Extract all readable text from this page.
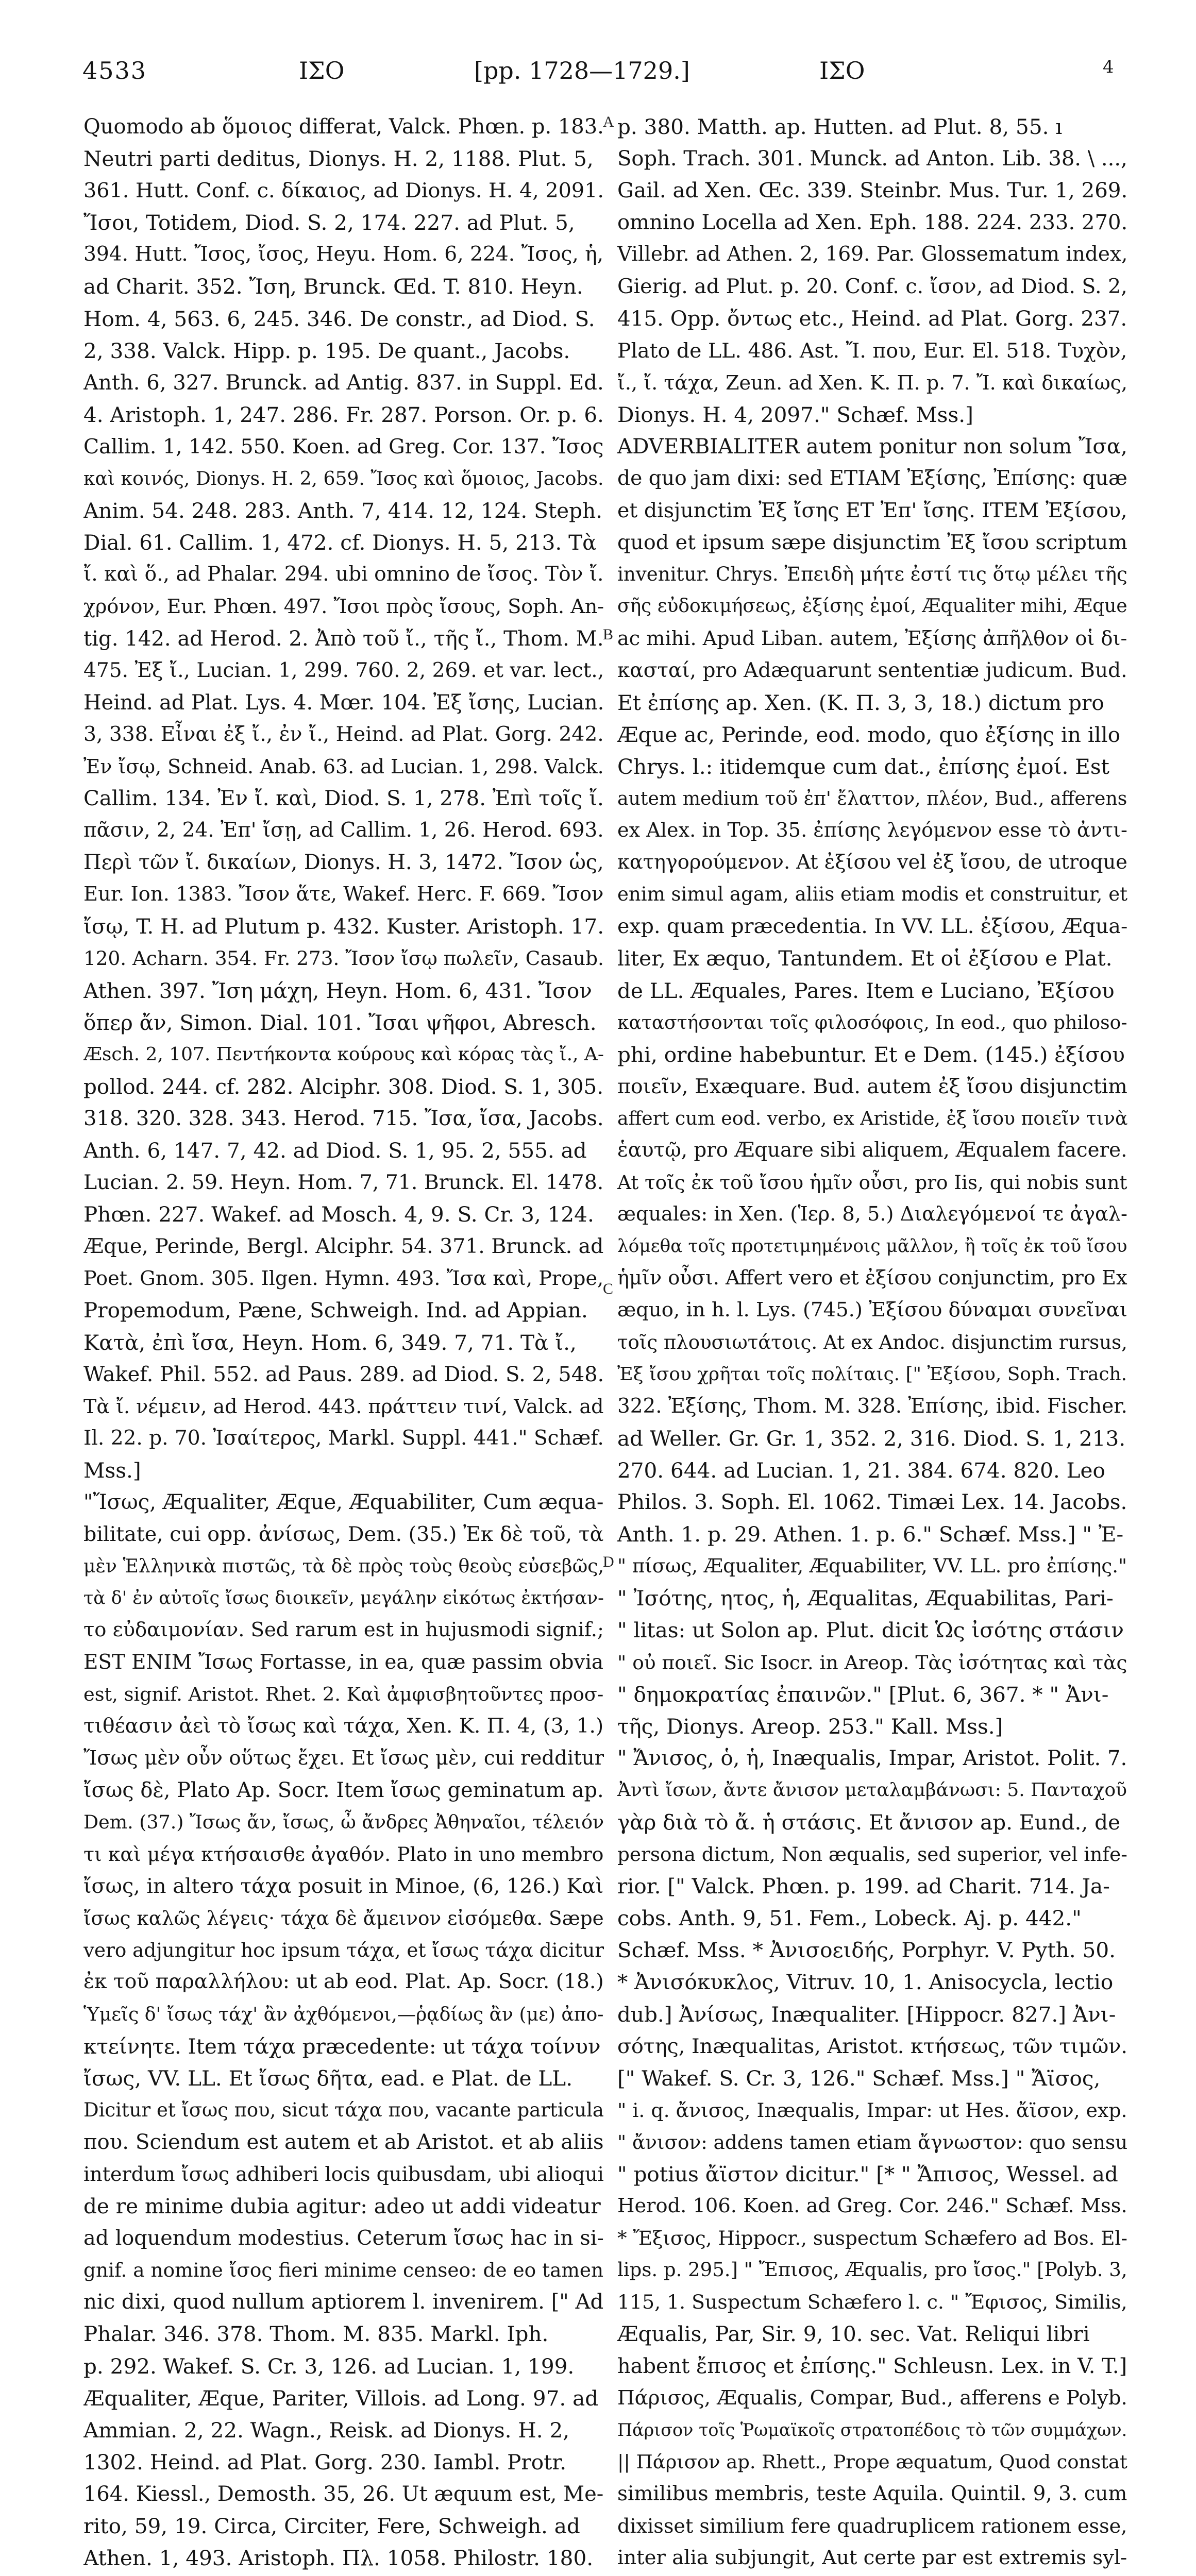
4533	ΙΣΟ	[pp. 1728—1729.]	ΙΣΟ	4
A
B
C
D
Quomodo ab ὅμοιος differat, Valck. Phœn. p. 183.
Neutri parti deditus, Dionys. H. 2, 1188. Plut. 5,
361. Hutt. Conf. c. δίκαιος, ad Dionys. H. 4, 2091.
Ἴσοι, Totidem, Diod. S. 2, 174. 227. ad Plut. 5,
394. Hutt. Ἴσος, ἴσος, Heyu. Hom. 6, 224. Ἴσος, ἡ,
ad Charit. 352. Ἴση, Brunck. Œd. T. 810. Heyn.
Hom. 4, 563. 6, 245. 346. De constr., ad Diod. S.
2, 338. Valck. Hipp. p. 195. De quant., Jacobs.
Anth. 6, 327. Brunck. ad Antig. 837. in Suppl. Ed.
4. Aristoph. 1, 247. 286. Fr. 287. Porson. Or. p. 6.
Callim. 1, 142. 550. Koen. ad Greg. Cor. 137. Ἴσος
καὶ κοινός, Dionys. H. 2, 659. Ἴσος καὶ ὅμοιος, Jacobs.
Anim. 54. 248. 283. Anth. 7, 414. 12, 124. Steph.
Dial. 61. Callim. 1, 472. cf. Dionys. H. 5, 213. Τὰ
ἴ. καὶ ὅ., ad Phalar. 294. ubi omnino de ἴσος. Τὸν ἴ.
χρόνον, Eur. Phœn. 497. Ἴσοι πρὸς ἴσους, Soph. An-
tig. 142. ad Herod. 2. Ἀπὸ τοῦ ἴ., τῆς ἴ., Thom. M.
475. Ἐξ ἴ., Lucian. 1, 299. 760. 2, 269. et var. lect.,
Heind. ad Plat. Lys. 4. Mœr. 104. Ἐξ ἴσης, Lucian.
3, 338. Εἶναι ἐξ ἴ., ἐν ἴ., Heind. ad Plat. Gorg. 242.
Ἐν ἴσῳ, Schneid. Anab. 63. ad Lucian. 1, 298. Valck.
Callim. 134. Ἐν ἴ. καὶ, Diod. S. 1, 278. Ἐπὶ τοῖς ἴ.
πᾶσιν, 2, 24. Ἐπ' ἴσῃ, ad Callim. 1, 26. Herod. 693.
Περὶ τῶν ἴ. δικαίων, Dionys. H. 3, 1472. Ἴσον ὡς,
Eur. Ion. 1383. Ἴσον ἅτε, Wakef. Herc. F. 669. Ἴσον
ἴσῳ, T. H. ad Plutum p. 432. Kuster. Aristoph. 17.
120. Acharn. 354. Fr. 273. Ἴσον ἴσῳ πωλεῖν, Casaub.
Athen. 397. Ἴση μάχη, Heyn. Hom. 6, 431. Ἴσον
ὅπερ ἄν, Simon. Dial. 101. Ἴσαι ψῆφοι, Abresch.
Æsch. 2, 107. Πεντήκοντα κούρους καὶ κόρας τὰς ἴ., A-
pollod. 244. cf. 282. Alciphr. 308. Diod. S. 1, 305.
318. 320. 328. 343. Herod. 715. Ἴσα, ἴσα, Jacobs.
Anth. 6, 147. 7, 42. ad Diod. S. 1, 95. 2, 555. ad
Lucian. 2. 59. Heyn. Hom. 7, 71. Brunck. El. 1478.
Phœn. 227. Wakef. ad Mosch. 4, 9. S. Cr. 3, 124.
Æque, Perinde, Bergl. Alciphr. 54. 371. Brunck. ad
Poet. Gnom. 305. Ilgen. Hymn. 493. Ἴσα καὶ, Prope,
Propemodum, Pæne, Schweigh. Ind. ad Appian.
Κατὰ, ἐπὶ ἴσα, Heyn. Hom. 6, 349. 7, 71. Τὰ ἴ.,
Wakef. Phil. 552. ad Paus. 289. ad Diod. S. 2, 548.
Τὰ ἴ. νέμειν, ad Herod. 443. πράττειν τινί, Valck. ad
Il. 22. p. 70. Ἰσαίτερος, Markl. Suppl. 441." Schæf.
Mss.]
"Ἴσως, Æqualiter, Æque, Æquabiliter, Cum æqua-
bilitate, cui opp. ἀνίσως, Dem. (35.) Ἐκ δὲ τοῦ, τὰ
μὲν Ἑλληνικὰ πιστῶς, τὰ δὲ πρὸς τοὺς θεοὺς εὐσεβῶς,
τὰ δ' ἐν αὐτοῖς ἴσως διοικεῖν, μεγάλην εἰκότως ἐκτήσαν-
το εὐδαιμονίαν. Sed rarum est in hujusmodi signif.;
EST ENIM Ἴσως Fortasse, in ea, quæ passim obvia
est, signif. Aristot. Rhet. 2. Καὶ ἀμφισβητοῦντες προσ-
τιθέασιν ἀεὶ τὸ ἴσως καὶ τάχα, Xen. K. Π. 4, (3, 1.)
Ἴσως μὲν οὖν οὕτως ἔχει. Et ἴσως μὲν, cui redditur
ἴσως δὲ, Plato Ap. Socr. Item ἴσως geminatum ap.
Dem. (37.) Ἴσως ἄν, ἴσως, ὦ ἄνδρες Ἀθηναῖοι, τέλειόν
τι καὶ μέγα κτήσαισθε ἀγαθόν. Plato in uno membro
ἴσως, in altero τάχα posuit in Minoe, (6, 126.) Καὶ
ἴσως καλῶς λέγεις· τάχα δὲ ἄμεινον εἰσόμεθα. Sæpe
vero adjungitur hoc ipsum τάχα, et ἴσως τάχα dicitur
ἐκ τοῦ παραλλήλου: ut ab eod. Plat. Ap. Socr. (18.)
Ὑμεῖς δ' ἴσως τάχ' ἂν ἀχθόμενοι,—ῥᾳδίως ἂν (με) ἀπο-
κτείνητε. Item τάχα præcedente: ut τάχα τοίνυν
ἴσως, VV. LL. Et ἴσως δῆτα, ead. e Plat. de LL.
Dicitur et ἴσως που, sicut τάχα που, vacante particula
που. Sciendum est autem et ab Aristot. et ab aliis
interdum ἴσως adhiberi locis quibusdam, ubi alioqui
de re minime dubia agitur: adeo ut addi videatur
ad loquendum modestius. Ceterum ἴσως hac in si-
gnif. a nomine ἴσος fieri minime censeo: de eo tamen
nic dixi, quod nullum aptiorem l. invenirem. [" Ad
Phalar. 346. 378. Thom. M. 835. Markl. Iph.
p. 292. Wakef. S. Cr. 3, 126. ad Lucian. 1, 199.
Æqualiter, Æque, Pariter, Villois. ad Long. 97. ad
Ammian. 2, 22. Wagn., Reisk. ad Dionys. H. 2,
1302. Heind. ad Plat. Gorg. 230. Iambl. Protr.
164. Kiessl., Demosth. 35, 26. Ut æquum est, Me-
rito, 59, 19. Circa, Circiter, Fere, Schweigh. ad
Athen. 1, 493. Aristoph. Πλ. 1058. Philostr. 180.
p. 380. Matth. ap. Hutten. ad Plut. 8, 55. ı
Soph. Trach. 301. Munck. ad Anton. Lib. 38. \ ...,
Gail. ad Xen. Œc. 339. Steinbr. Mus. Tur. 1, 269.
omnino Locella ad Xen. Eph. 188. 224. 233. 270.
Villebr. ad Athen. 2, 169. Par. Glossematum index,
Gierig. ad Plut. p. 20. Conf. c. ἴσον, ad Diod. S. 2,
415. Opp. ὄντως etc., Heind. ad Plat. Gorg. 237.
Plato de LL. 486. Ast. Ἴ. που, Eur. El. 518. Τυχὸν,
ἴ., ἴ. τάχα, Zeun. ad Xen. K. Π. p. 7. Ἴ. καὶ δικαίως,
Dionys. H. 4, 2097." Schæf. Mss.]
ADVERBIALITER autem ponitur non solum Ἴσα,
de quo jam dixi: sed ETIAM Ἐξίσης, Ἐπίσης: quæ
et disjunctim Ἐξ ἴσης ET Ἐπ' ἴσης. ITEM Ἐξίσου,
quod et ipsum sæpe disjunctim Ἐξ ἴσου scriptum
invenitur. Chrys. Ἐπειδὴ μήτε ἐστί τις ὅτῳ μέλει τῆς
σῆς εὐδοκιμήσεως, ἐξίσης ἐμοί, Æqualiter mihi, Æque
ac mihi. Apud Liban. autem, Ἐξίσης ἀπῆλθον οἱ δι-
κασταί, pro Adæquarunt sententiæ judicum. Bud.
Et ἐπίσης ap. Xen. (K. Π. 3, 3, 18.) dictum pro
Æque ac, Perinde, eod. modo, quo ἐξίσης in illo
Chrys. l.: itidemque cum dat., ἐπίσης ἐμοί. Est
autem medium τοῦ ἐπ' ἔλαττον, πλέον, Bud., afferens
ex Alex. in Top. 35. ἐπίσης λεγόμενον esse τὸ ἀντι-
κατηγορούμενον. At ἐξίσου vel ἐξ ἴσου, de utroque
enim simul agam, aliis etiam modis et construitur, et
exp. quam præcedentia. In VV. LL. ἐξίσου, Æqua-
liter, Ex æquo, Tantundem. Et οἱ ἐξίσου e Plat.
de LL. Æquales, Pares. Item e Luciano, Ἐξίσου
καταστήσονται τοῖς φιλοσόφοις, In eod., quo philoso-
phi, ordine habebuntur. Et e Dem. (145.) ἐξίσου
ποιεῖν, Exæquare. Bud. autem ἐξ ἴσου disjunctim
affert cum eod. verbo, ex Aristide, ἐξ ἴσου ποιεῖν τινὰ
ἑαυτῷ, pro Æquare sibi aliquem, Æqualem facere.
At τοῖς ἐκ τοῦ ἴσου ἡμῖν οὖσι, pro Iis, qui nobis sunt
æquales: in Xen. (Ἱερ. 8, 5.) Διαλεγόμενοί τε ἀγαλ-
λόμεθα τοῖς προτετιμημένοις μᾶλλον, ἢ τοῖς ἐκ τοῦ ἴσου
ἡμῖν οὖσι. Affert vero et ἐξίσου conjunctim, pro Ex
æquo, in h. l. Lys. (745.) Ἐξίσου δύναμαι συνεῖναι
τοῖς πλουσιωτάτοις. At ex Andoc. disjunctim rursus,
Ἐξ ἴσου χρῆται τοῖς πολίταις. [" Ἐξίσου, Soph. Trach.
322. Ἐξίσης, Thom. M. 328. Ἐπίσης, ibid. Fischer.
ad Weller. Gr. Gr. 1, 352. 2, 316. Diod. S. 1, 213.
270. 644. ad Lucian. 1, 21. 384. 674. 820. Leo
Philos. 3. Soph. El. 1062. Timæi Lex. 14. Jacobs.
Anth. 1. p. 29. Athen. 1. p. 6." Schæf. Mss.] " Ἐ-
" πίσως, Æqualiter, Æquabiliter, VV. LL. pro ἐπίσης."
" Ἰσότης, ητος, ἡ, Æqualitas, Æquabilitas, Pari-
" litas: ut Solon ap. Plut. dicit Ὡς ἰσότης στάσιν
" οὐ ποιεῖ. Sic Isocr. in Areop. Τὰς ἰσότητας καὶ τὰς
" δημοκρατίας ἐπαινῶν." [Plut. 6, 367. * " Ἀνι-
τῆς, Dionys. Areop. 253." Kall. Mss.]
" Ἄνισος, ὁ, ἡ, Inæqualis, Impar, Aristot. Polit. 7.
Ἀντὶ ἴσων, ἄντε ἄνισον μεταλαμβάνωσι: 5. Πανταχοῦ
γὰρ διὰ τὸ ἄ. ἡ στάσις. Et ἄνισον ap. Eund., de
persona dictum, Non æqualis, sed superior, vel infe-
rior. [" Valck. Phœn. p. 199. ad Charit. 714. Ja-
cobs. Anth. 9, 51. Fem., Lobeck. Aj. p. 442."
Schæf. Mss. * Ἀνισοειδής, Porphyr. V. Pyth. 50.
* Ἀνισόκυκλος, Vitruv. 10, 1. Anisocycla, lectio
dub.] Ἀνίσως, Inæqualiter. [Hippocr. 827.] Ἀνι-
σότης, Inæqualitas, Aristot. κτήσεως, τῶν τιμῶν.
[" Wakef. S. Cr. 3, 126." Schæf. Mss.] " Ἄϊσος,
" i. q. ἄνισος, Inæqualis, Impar: ut Hes. ἄϊσον, exp.
" ἄνισον: addens tamen etiam ἄγνωστον: quo sensu
" potius ἄϊστον dicitur." [* " Ἄπισος, Wessel. ad
Herod. 106. Koen. ad Greg. Cor. 246." Schæf. Mss.
* Ἔξισος, Hippocr., suspectum Schæfero ad Bos. El-
lips. p. 295.] " Ἔπισος, Æqualis, pro ἴσος." [Polyb. 3,
115, 1. Suspectum Schæfero l. c. " Ἔφισος, Similis,
Æqualis, Par, Sir. 9, 10. sec. Vat. Reliqui libri
habent ἔπισος et ἐπίσης." Schleusn. Lex. in V. T.]
Πάρισος, Æqualis, Compar, Bud., afferens e Polyb.
Πάρισον τοῖς Ῥωμαϊκοῖς στρατοπέδοις τὸ τῶν συμμάχων.
|| Πάρισον ap. Rhett., Prope æquatum, Quod constat
similibus membris, teste Aquila. Quintil. 9, 3. cum
dixisset similium fere quadruplicem rationem esse,
inter alia subjungit, Aut certe par est extremis syl-
